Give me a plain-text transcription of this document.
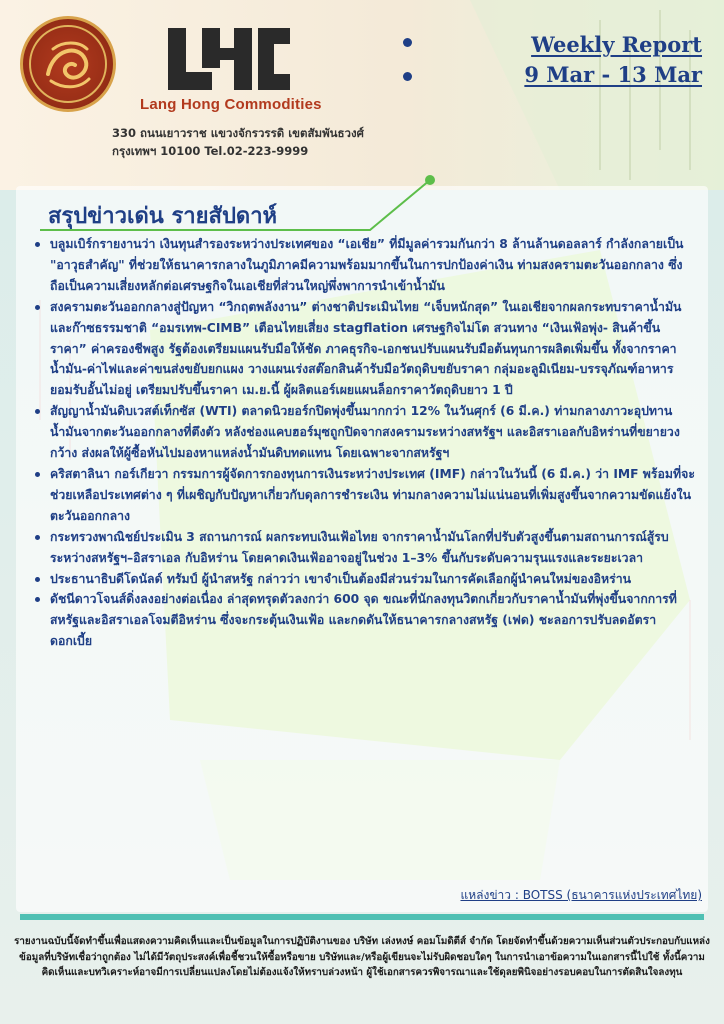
Lang Hong Commodities
330 ถนนเยาวราช แขวงจักรวรรดิ เขตสัมพันธวงศ์
กรุงเทพฯ 10100 Tel.02-223-9999
Weekly Report
9 Mar - 13 Mar
สรุปข่าวเด่น รายสัปดาห์
บลูมเบิร์กรายงานว่า เงินทุนสำรองระหว่างประเทศของ “เอเชีย” ที่มีมูลค่ารวมกันกว่า 8 ล้านล้านดอลลาร์ กำลังกลายเป็น "อาวุธสำคัญ" ที่ช่วยให้ธนาคารกลางในภูมิภาคมีความพร้อมมากขึ้นในการปกป้องค่าเงิน ท่ามสงครามตะวันออกกลาง ซึ่งถือเป็นความเสี่ยงหลักต่อเศรษฐกิจในเอเชียที่ส่วนใหญ่พึ่งพาการนำเข้าน้ำมัน
สงครามตะวันออกกลางสู่ปัญหา “วิกฤตพลังงาน” ต่างชาติประเมินไทย “เจ็บหนักสุด” ในเอเชียจากผลกระทบราคาน้ำมันและก๊าซธรรมชาติ “อมรเทพ-CIMB” เตือนไทยเสี่ยง stagflation เศรษฐกิจไม่โต สวนทาง “เงินเฟ้อพุ่ง- สินค้าขึ้นราคา” ค่าครองชีพสูง รัฐต้องเตรียมแผนรับมือให้ชัด ภาคธุรกิจ-เอกชนปรับแผนรับมือต้นทุนการผลิตเพิ่มขึ้น ทั้งจากราคาน้ำมัน-ค่าไฟและค่าขนส่งขยับยกแผง วางแผนเร่งสต๊อกสินค้ารับมือวัตถุดิบขยับราคา กลุ่มอะลูมิเนียม-บรรจุภัณฑ์อาหาร ยอมรับอั้นไม่อยู่ เตรียมปรับขึ้นราคา เม.ย.นี้ ผู้ผลิตแอร์เผยแผนล็อกราคาวัตถุดิบยาว 1 ปี
สัญญาน้ำมันดิบเวสต์เท็กซัส (WTI) ตลาดนิวยอร์กปิดพุ่งขึ้นมากกว่า 12% ในวันศุกร์ (6 มี.ค.) ท่ามกลางภาวะอุปทานน้ำมันจากตะวันออกกลางที่ตึงตัว หลังช่องแคบฮอร์มุซถูกปิดจากสงครามระหว่างสหรัฐฯ และอิสราเอลกับอิหร่านที่ขยายวงกว้าง ส่งผลให้ผู้ซื้อหันไปมองหาแหล่งน้ำมันดิบทดแทน โดยเฉพาะจากสหรัฐฯ
คริสตาลินา กอร์เกียวา กรรมการผู้จัดการกองทุนการเงินระหว่างประเทศ (IMF) กล่าวในวันนี้ (6 มี.ค.) ว่า IMF พร้อมที่จะช่วยเหลือประเทศต่าง ๆ ที่เผชิญกับปัญหาเกี่ยวกับดุลการชำระเงิน ท่ามกลางความไม่แน่นอนที่เพิ่มสูงขึ้นจากความขัดแย้งในตะวันออกกลาง
กระทรวงพาณิชย์ประเมิน 3 สถานการณ์ ผลกระทบเงินเฟ้อไทย จากราคาน้ำมันโลกที่ปรับตัวสูงขึ้นตามสถานการณ์สู้รบระหว่างสหรัฐฯ–อิสราเอล กับอิหร่าน โดยคาดเงินเฟ้ออาจอยู่ในช่วง 1–3% ขึ้นกับระดับความรุนแรงและระยะเวลา
ประธานาธิบดีโดนัลด์ ทรัมป์ ผู้นำสหรัฐ กล่าวว่า เขาจำเป็นต้องมีส่วนร่วมในการคัดเลือกผู้นำคนใหม่ของอิหร่าน
ดัชนีดาวโจนส์ดิ่งลงอย่างต่อเนื่อง ล่าสุดทรุดตัวลงกว่า 600 จุด ขณะที่นักลงทุนวิตกเกี่ยวกับราคาน้ำมันที่พุ่งขึ้นจากการที่สหรัฐและอิสราเอลโจมตีอิหร่าน ซึ่งจะกระตุ้นเงินเฟ้อ และกดดันให้ธนาคารกลางสหรัฐ (เฟด) ชะลอการปรับลดอัตราดอกเบี้ย
แหล่งข่าว : BOTSS (ธนาคารแห่งประเทศไทย)
รายงานฉบับนี้จัดทำขึ้นเพื่อแสดงความคิดเห็นและเป็นข้อมูลในการปฏิบัติงานของ บริษัท เล่งหงษ์ คอมโมดิตีส์ จำกัด โดยจัดทำขึ้นด้วยความเห็นส่วนตัวประกอบกับแหล่งข้อมูลที่บริษัทเชื่อว่าถูกต้อง ไม่ได้มีวัตถุประสงค์เพื่อชี้ชวนให้ซื้อหรือขาย บริษัทและ/หรือผู้เขียนจะไม่รับผิดชอบใดๆ ในการนำเอาข้อความในเอกสารนี้ไปใช้ ทั้งนี้ความคิดเห็นและบทวิเคราะห์อาจมีการเปลี่ยนแปลงโดยไม่ต้องแจ้งให้ทราบล่วงหน้า ผู้ใช้เอกสารควรพิจารณาและใช้ดุลยพินิจอย่างรอบคอบในการตัดสินใจลงทุน
